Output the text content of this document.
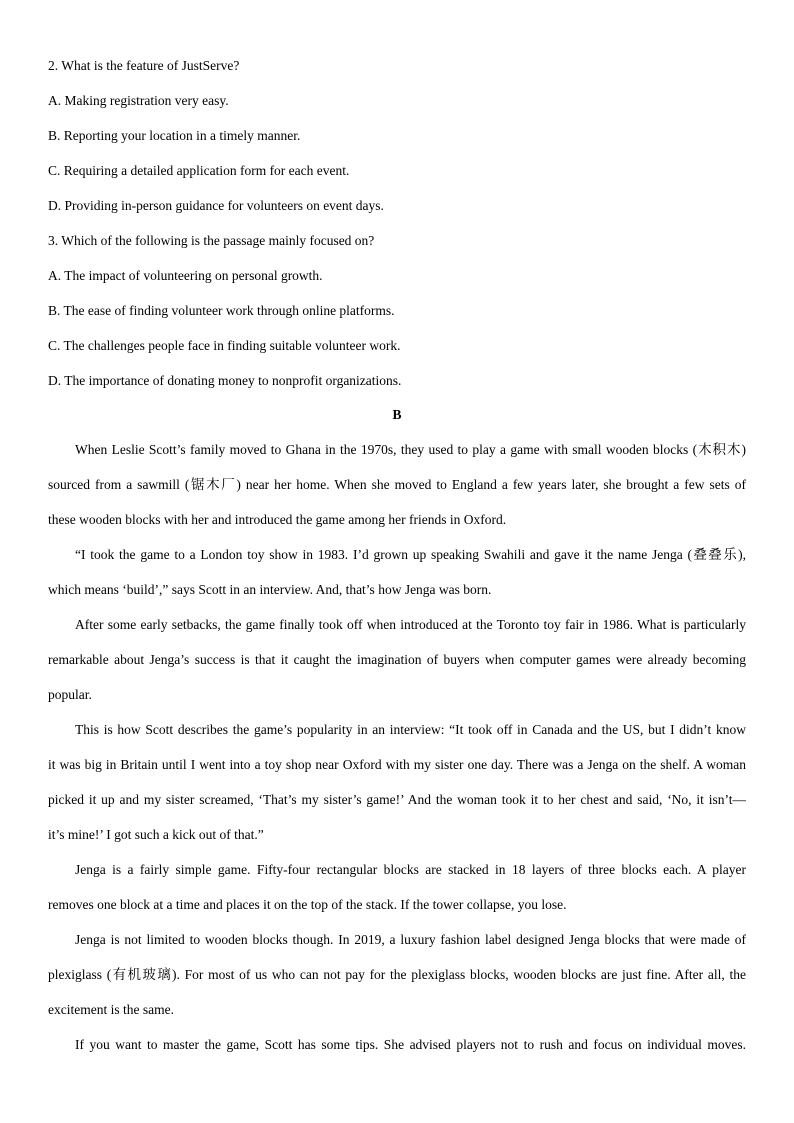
2. What is the feature of JustServe?
A. Making registration very easy.
B. Reporting your location in a timely manner.
C. Requiring a detailed application form for each event.
D. Providing in-person guidance for volunteers on event days.
3. Which of the following is the passage mainly focused on?
A. The impact of volunteering on personal growth.
B. The ease of finding volunteer work through online platforms.
C. The challenges people face in finding suitable volunteer work.
D. The importance of donating money to nonprofit organizations.
B
When Leslie Scott’s family moved to Ghana in the 1970s, they used to play a game with small wooden blocks (木积木)
sourced from a sawmill (锯木厂) near her home. When she moved to England a few years later, she brought a few sets of
these wooden blocks with her and introduced the game among her friends in Oxford.
“I took the game to a London toy show in 1983. I’d grown up speaking Swahili and gave it the name Jenga (叠叠乐),
which means ‘build’,” says Scott in an interview. And, that’s how Jenga was born.
After some early setbacks, the game finally took off when introduced at the Toronto toy fair in 1986. What is particularly
remarkable about Jenga’s success is that it caught the imagination of buyers when computer games were already becoming
popular.
This is how Scott describes the game’s popularity in an interview: “It took off in Canada and the US, but I didn’t know
it was big in Britain until I went into a toy shop near Oxford with my sister one day. There was a Jenga on the shelf. A woman
picked it up and my sister screamed, ‘That’s my sister’s game!’ And the woman took it to her chest and said, ‘No, it isn’t—
it’s mine!’ I got such a kick out of that.”
Jenga is a fairly simple game. Fifty-four rectangular blocks are stacked in 18 layers of three blocks each. A player
removes one block at a time and places it on the top of the stack. If the tower collapse, you lose.
Jenga is not limited to wooden blocks though. In 2019, a luxury fashion label designed Jenga blocks that were made of
plexiglass (有机玻璃). For most of us who can not pay for the plexiglass blocks, wooden blocks are just fine. After all, the
excitement is the same.
If you want to master the game, Scott has some tips. She advised players not to rush and focus on individual moves.
